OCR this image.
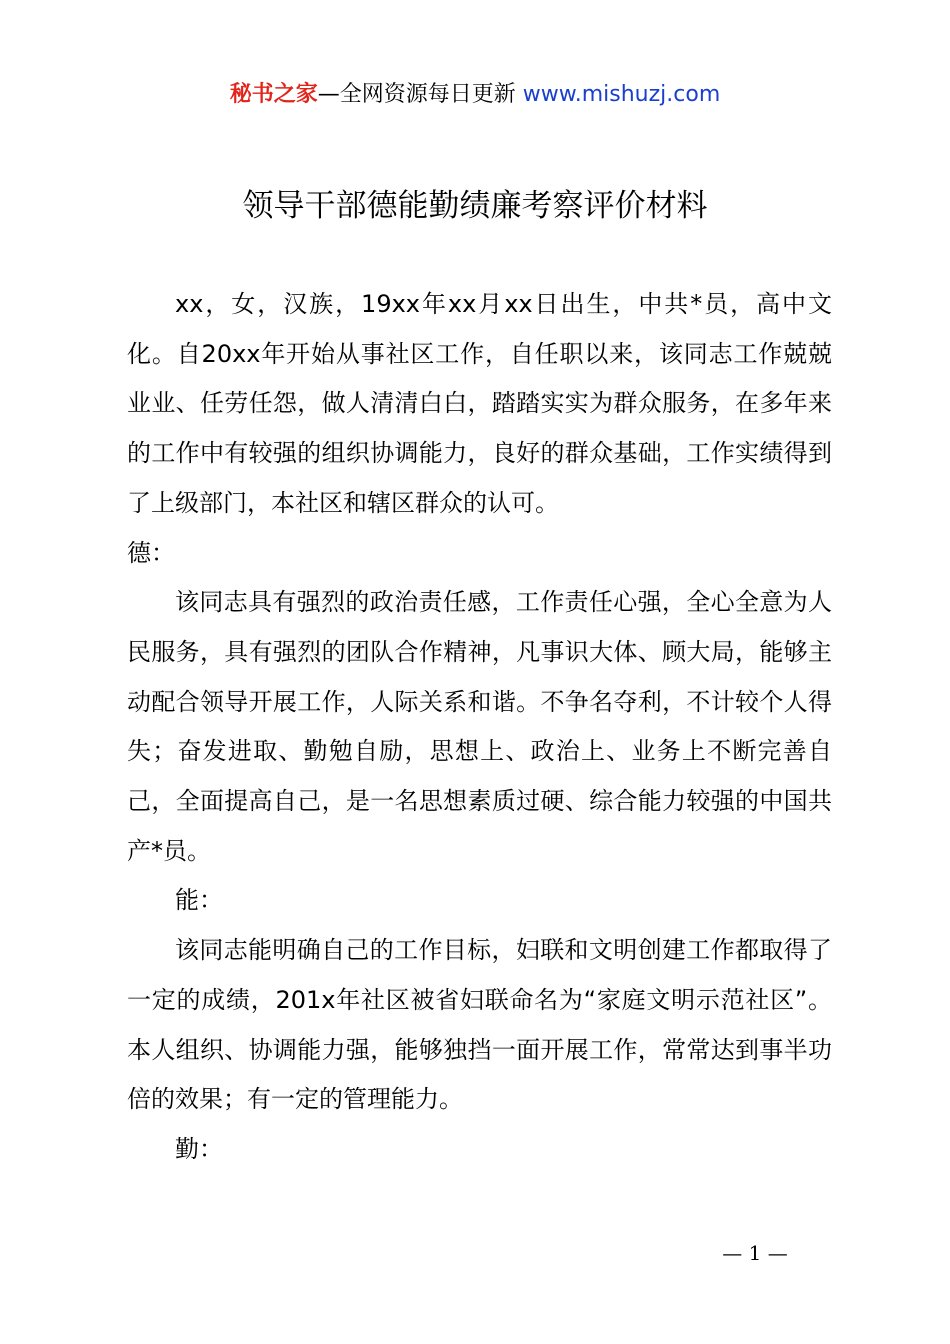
秘书之家—全网资源每日更新 www.mishuzj.com
领导干部德能勤绩廉考察评价材料

xx，女，汉族，19xx年xx月xx日出生，中共*员，高中文化。自20xx年开始从事社区工作，自任职以来，该同志工作兢兢业业、任劳任怨，做人清清白白，踏踏实实为群众服务，在多年来的工作中有较强的组织协调能力，良好的群众基础，工作实绩得到了上级部门，本社区和辖区群众的认可。

德：

该同志具有强烈的政治责任感，工作责任心强，全心全意为人民服务，具有强烈的团队合作精神，凡事识大体、顾大局，能够主动配合领导开展工作，人际关系和谐。不争名夺利，不计较个人得失；奋发进取、勤勉自励，思想上、政治上、业务上不断完善自己，全面提高自己，是一名思想素质过硬、综合能力较强的中国共产*员。

能：

该同志能明确自己的工作目标，妇联和文明创建工作都取得了一定的成绩，201x年社区被省妇联命名为“家庭文明示范社区”。本人组织、协调能力强，能够独挡一面开展工作，常常达到事半功倍的效果；有一定的管理能力。

勤：

— 1 —
